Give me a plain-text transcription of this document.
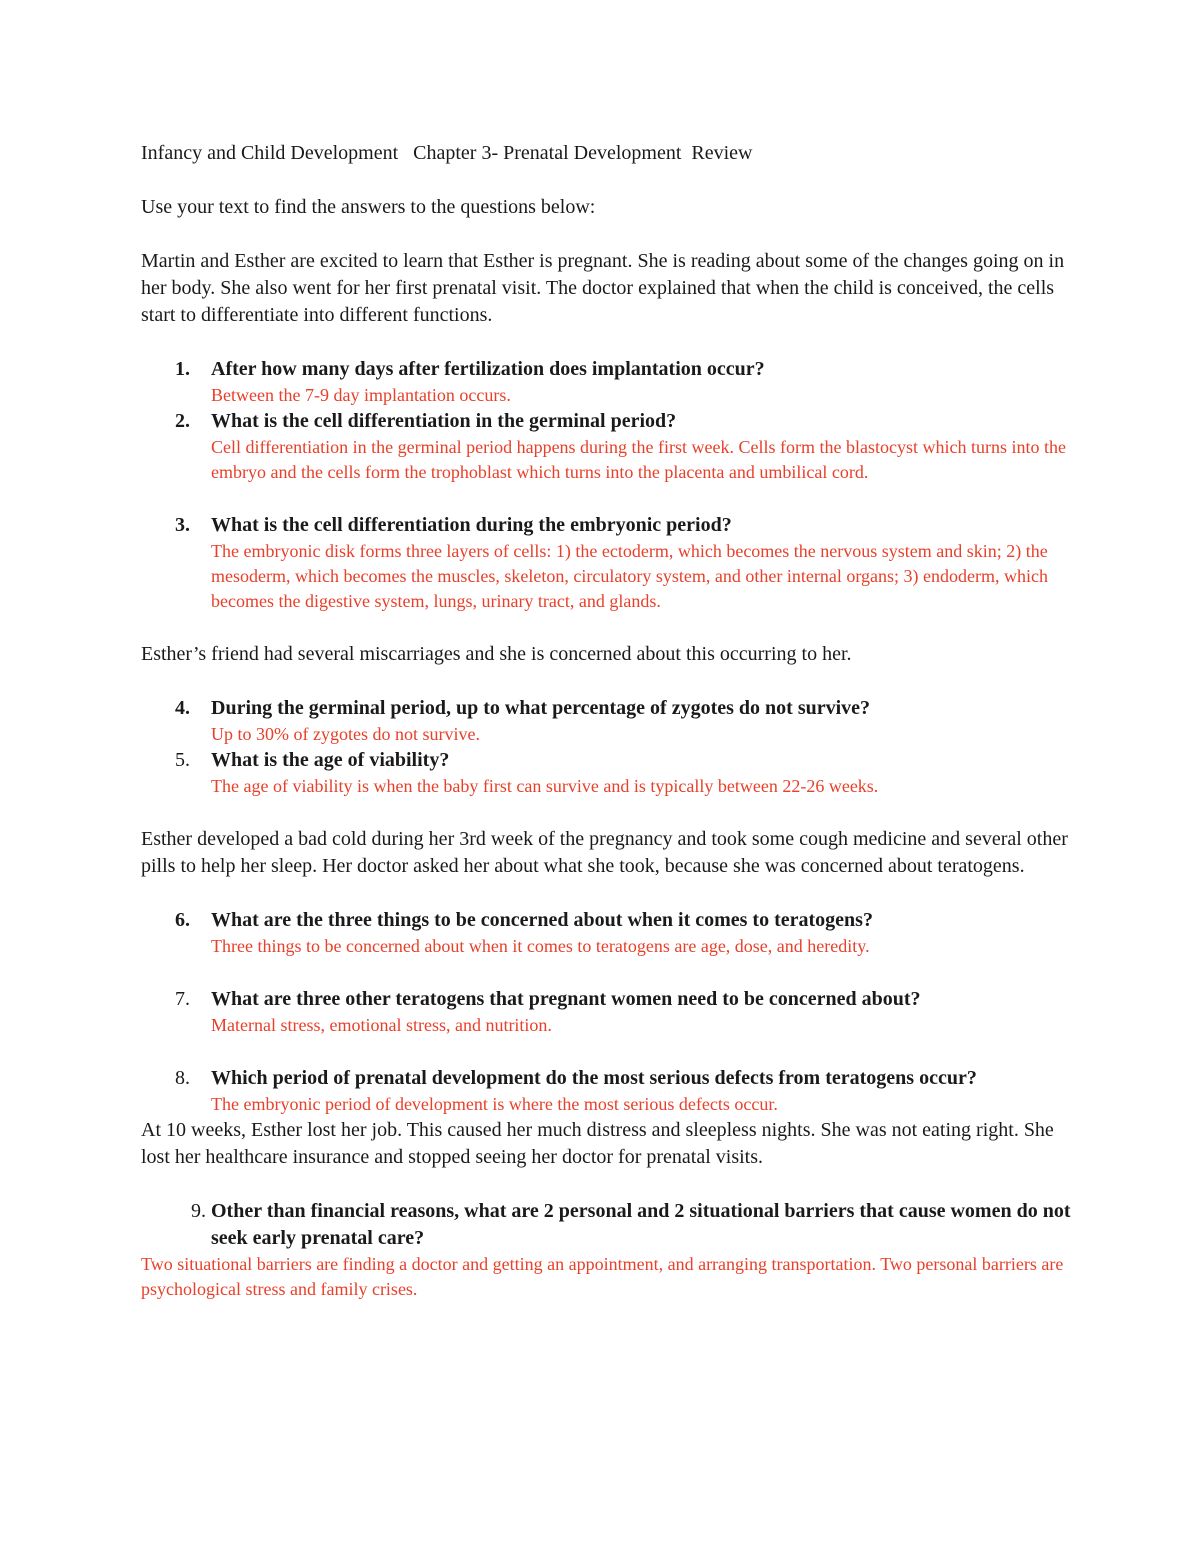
Infancy and Child Development   Chapter 3- Prenatal Development  Review

Use your text to find the answers to the questions below:

Martin and Esther are excited to learn that Esther is pregnant. She is reading about some of the changes going on in her body. She also went for her first prenatal visit. The doctor explained that when the child is conceived, the cells start to differentiate into different functions.

1. After how many days after fertilization does implantation occur?

Between the 7-9 day implantation occurs.

2. What is the cell differentiation in the germinal period?

Cell differentiation in the germinal period happens during the first week. Cells form the blastocyst which turns into the embryo and the cells form the trophoblast which turns into the placenta and umbilical cord.

3. What is the cell differentiation during the embryonic period?

The embryonic disk forms three layers of cells: 1) the ectoderm, which becomes the nervous system and skin; 2) the mesoderm, which becomes the muscles, skeleton, circulatory system, and other internal organs; 3) endoderm, which becomes the digestive system, lungs, urinary tract, and glands.

Esther’s friend had several miscarriages and she is concerned about this occurring to her.

4. During the germinal period, up to what percentage of zygotes do not survive?

Up to 30% of zygotes do not survive.

5. What is the age of viability?

The age of viability is when the baby first can survive and is typically between 22-26 weeks.

Esther developed a bad cold during her 3rd week of the pregnancy and took some cough medicine and several other pills to help her sleep. Her doctor asked her about what she took, because she was concerned about teratogens.

6. What are the three things to be concerned about when it comes to teratogens?

Three things to be concerned about when it comes to teratogens are age, dose, and heredity.

7. What are three other teratogens that pregnant women need to be concerned about?

Maternal stress, emotional stress, and nutrition.

8. Which period of prenatal development do the most serious defects from teratogens occur?

The embryonic period of development is where the most serious defects occur.

At 10 weeks, Esther lost her job. This caused her much distress and sleepless nights. She was not eating right. She lost her healthcare insurance and stopped seeing her doctor for prenatal visits.

9. Other than financial reasons, what are 2 personal and 2 situational barriers that cause women do not seek early prenatal care?

Two situational barriers are finding a doctor and getting an appointment, and arranging transportation. Two personal barriers are psychological stress and family crises.
